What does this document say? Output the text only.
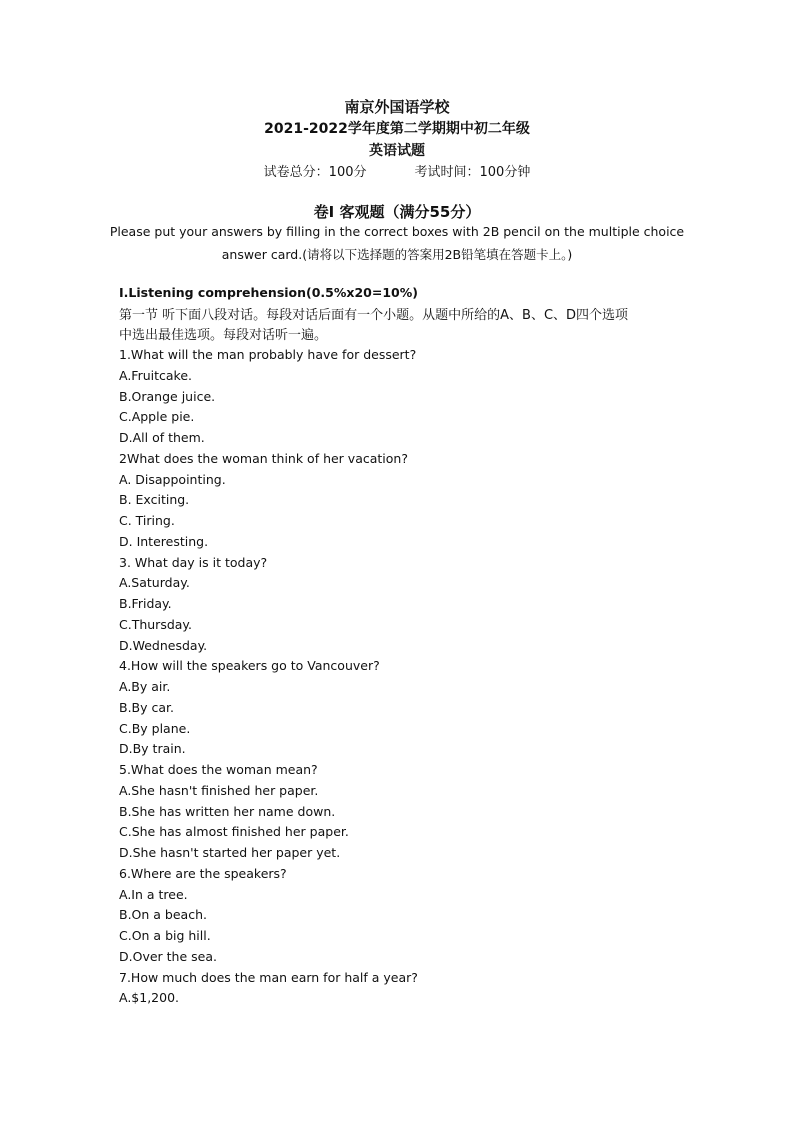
南京外国语学校
2021-2022学年度第二学期期中初二年级
英语试题
试卷总分：100分	考试时间：100分钟
卷Ⅰ 客观题（满分55分）
Please put your answers by filling in the correct boxes with 2B pencil on the multiple choice
answer card.(请将以下选择题的答案用2B铅笔填在答题卡上。)
I.Listening comprehension(0.5%x20=10%)
第一节 听下面八段对话。每段对话后面有一个小题。从题中所给的A、B、C、D四个选项
中选出最佳选项。每段对话听一遍。
1.What will the man probably have for dessert?
A.Fruitcake.
B.Orange juice.
C.Apple pie.
D.All of them.
2What does the woman think of her vacation?
A. Disappointing.
B. Exciting.
C. Tiring.
D. Interesting.
3. What day is it today?
A.Saturday.
B.Friday.
C.Thursday.
D.Wednesday.
4.How will the speakers go to Vancouver?
A.By air.
B.By car.
C.By plane.
D.By train.
5.What does the woman mean?
A.She hasn't finished her paper.
B.She has written her name down.
C.She has almost finished her paper.
D.She hasn't started her paper yet.
6.Where are the speakers?
A.In a tree.
B.On a beach.
C.On a big hill.
D.Over the sea.
7.How much does the man earn for half a year?
A.$1,200.
